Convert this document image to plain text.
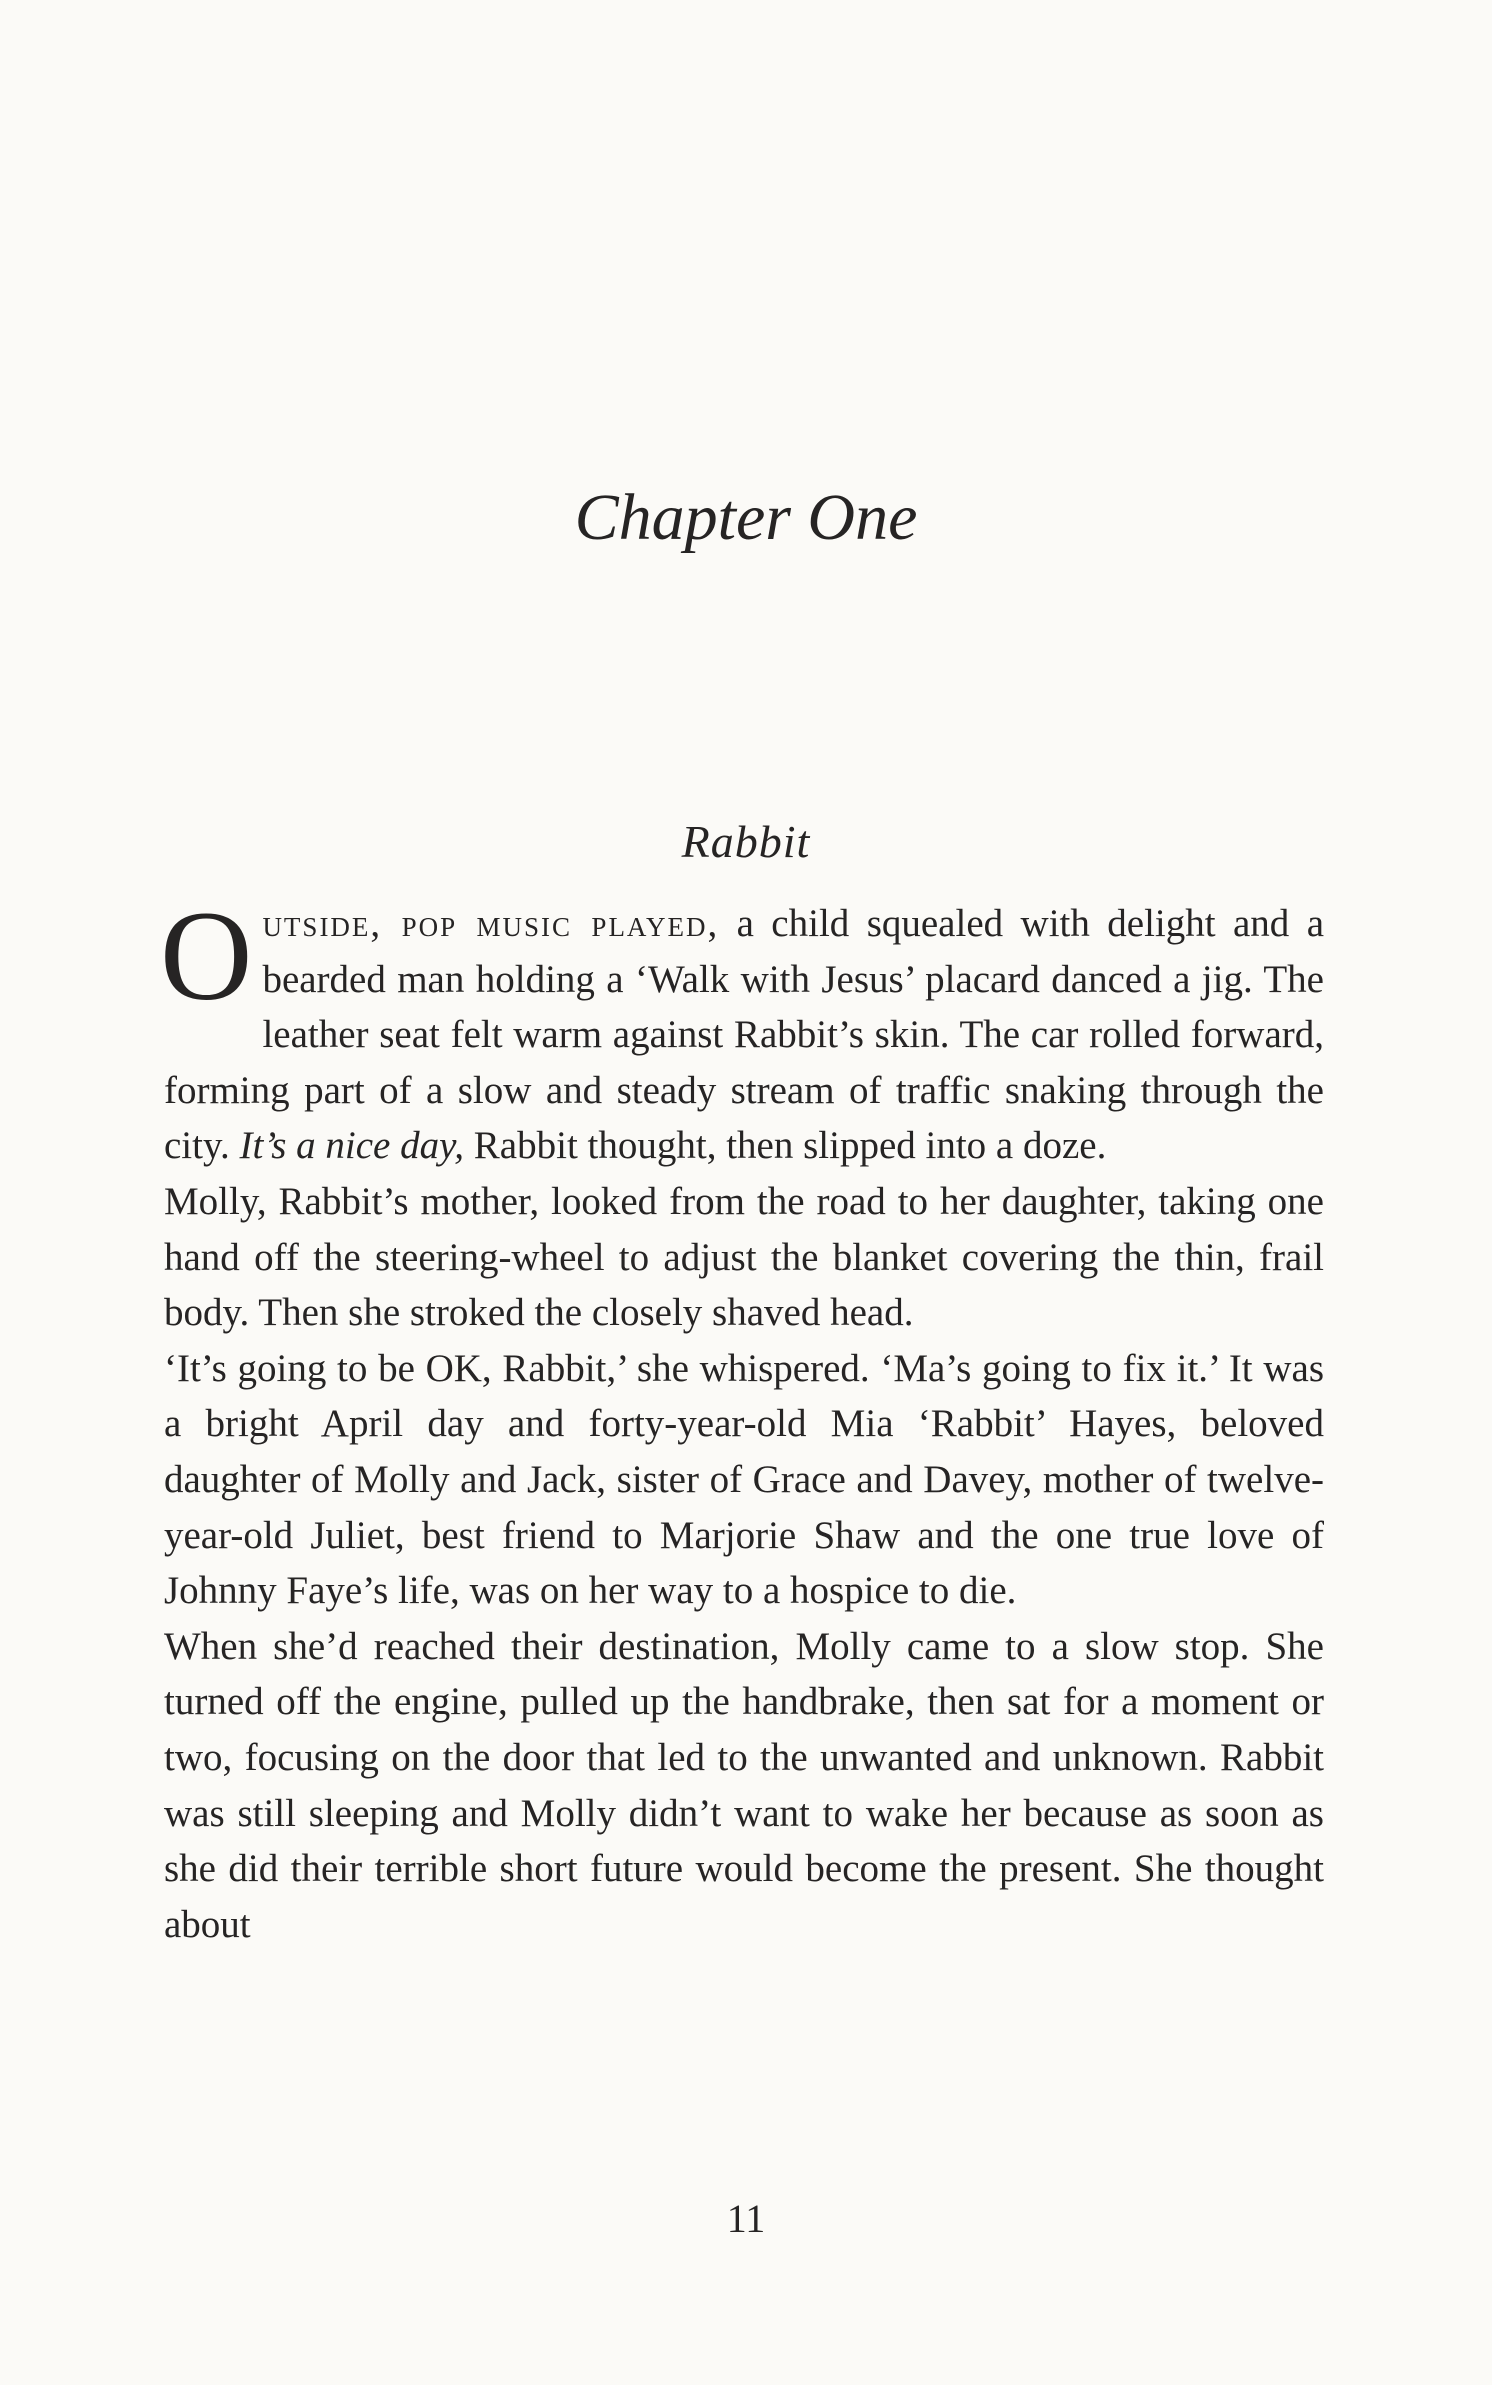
Chapter One
Rabbit

Outside, pop music played, a child squealed with delight and a bearded man holding a ‘Walk with Jesus’ placard danced a jig. The leather seat felt warm against Rabbit’s skin. The car rolled forward, forming part of a slow and steady stream of traffic snaking through the city. It’s a nice day, Rabbit thought, then slipped into a doze.

Molly, Rabbit’s mother, looked from the road to her daughter, taking one hand off the steering-wheel to adjust the blanket covering the thin, frail body. Then she stroked the closely shaved head.

‘It’s going to be OK, Rabbit,’ she whispered. ‘Ma’s going to fix it.’ It was a bright April day and forty-year-old Mia ‘Rabbit’ Hayes, beloved daughter of Molly and Jack, sister of Grace and Davey, mother of twelve-year-old Juliet, best friend to Marjorie Shaw and the one true love of Johnny Faye’s life, was on her way to a hospice to die.

When she’d reached their destination, Molly came to a slow stop. She turned off the engine, pulled up the handbrake, then sat for a moment or two, focusing on the door that led to the unwanted and unknown. Rabbit was still sleeping and Molly didn’t want to wake her because as soon as she did their terrible short future would become the present. She thought about

11
